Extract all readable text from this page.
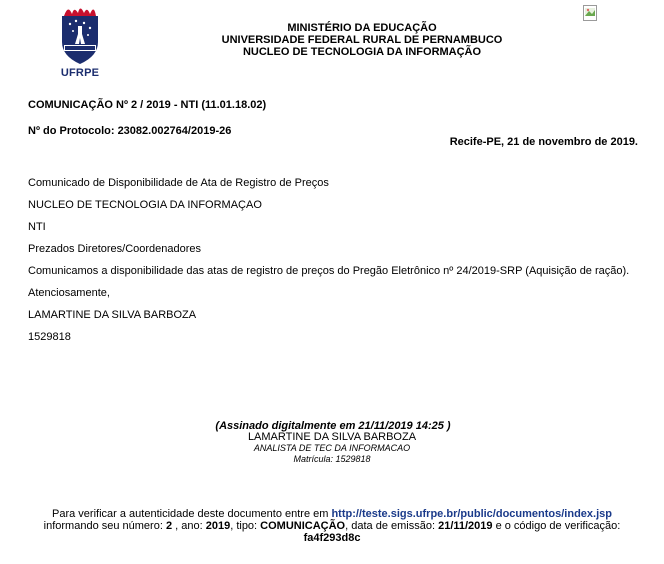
UFRPE
MINISTÉRIO DA EDUCAÇÃO
UNIVERSIDADE FEDERAL RURAL DE PERNAMBUCO
NUCLEO DE TECNOLOGIA DA INFORMAÇÃO
COMUNICAÇÃO Nº 2 / 2019 - NTI (11.01.18.02)
Nº do Protocolo: 23082.002764/2019-26
Recife-PE, 21 de novembro de 2019.
Comunicado de Disponibilidade de Ata de Registro de Preços
NUCLEO DE TECNOLOGIA DA INFORMAÇAO
NTI
Prezados Diretores/Coordenadores
Comunicamos a disponibilidade das atas de registro de preços do Pregão Eletrônico nº 24/2019-SRP (Aquisição de ração).
Atenciosamente,
LAMARTINE DA SILVA BARBOZA
1529818
(Assinado digitalmente em 21/11/2019 14:25 )
LAMARTINE DA SILVA BARBOZA
ANALISTA DE TEC DA INFORMACAO
Matrícula: 1529818
Para verificar a autenticidade deste documento entre em http://teste.sigs.ufrpe.br/public/documentos/index.jsp
informando seu número: 2 , ano: 2019, tipo: COMUNICAÇÃO, data de emissão: 21/11/2019 e o código de verificação:
fa4f293d8c
